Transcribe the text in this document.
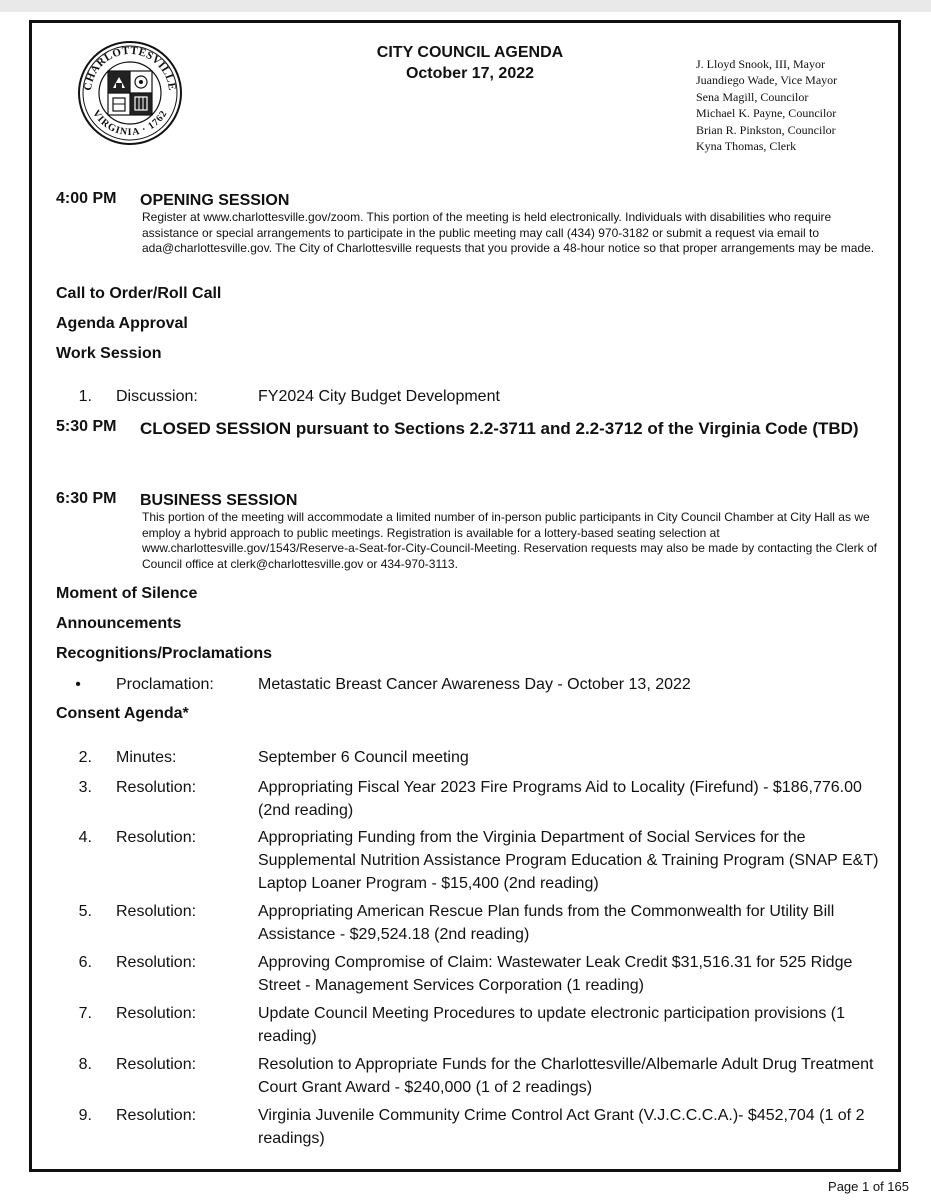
CHARLOTTESVILLE
VIRGINIA · 1762
CITY COUNCIL AGENDA
October 17, 2022
J. Lloyd Snook, III, Mayor
Juandiego Wade, Vice Mayor
Sena Magill, Councilor
Michael K. Payne, Councilor
Brian R. Pinkston, Councilor
Kyna Thomas, Clerk
4:00 PM OPENING SESSION
Register at www.charlottesville.gov/zoom. This portion of the meeting is held electronically. Individuals with disabilities who require assistance or special arrangements to participate in the public meeting may call (434) 970-3182 or submit a request via email to ada@charlottesville.gov. The City of Charlottesville requests that you provide a 48-hour notice so that proper arrangements may be made.
Call to Order/Roll Call
Agenda Approval
Work Session
1. Discussion:	FY2024 City Budget Development
5:30 PM CLOSED SESSION pursuant to Sections 2.2-3711 and 2.2-3712 of the Virginia Code (TBD)
6:30 PM BUSINESS SESSION
This portion of the meeting will accommodate a limited number of in-person public participants in City Council Chamber at City Hall as we employ a hybrid approach to public meetings. Registration is available for a lottery-based seating selection at www.charlottesville.gov/1543/Reserve-a-Seat-for-City-Council-Meeting. Reservation requests may also be made by contacting the Clerk of Council office at clerk@charlottesville.gov or 434-970-3113.
Moment of Silence
Announcements
Recognitions/Proclamations
• Proclamation:	Metastatic Breast Cancer Awareness Day - October 13, 2022
Consent Agenda*
2. Minutes:	September 6 Council meeting
3. Resolution:	Appropriating Fiscal Year 2023 Fire Programs Aid to Locality (Firefund) - $186,776.00 (2nd reading)
4. Resolution:	Appropriating Funding from the Virginia Department of Social Services for the Supplemental Nutrition Assistance Program Education & Training Program (SNAP E&T) Laptop Loaner Program - $15,400 (2nd reading)
5. Resolution:	Appropriating American Rescue Plan funds from the Commonwealth for Utility Bill Assistance - $29,524.18 (2nd reading)
6. Resolution:	Approving Compromise of Claim: Wastewater Leak Credit $31,516.31 for 525 Ridge Street - Management Services Corporation (1 reading)
7. Resolution:	Update Council Meeting Procedures to update electronic participation provisions (1 reading)
8. Resolution:	Resolution to Appropriate Funds for the Charlottesville/Albemarle Adult Drug Treatment Court Grant Award - $240,000 (1 of 2 readings)
9. Resolution:	Virginia Juvenile Community Crime Control Act Grant (V.J.C.C.C.A.)- $452,704 (1 of 2 readings)
Page 1 of 165
